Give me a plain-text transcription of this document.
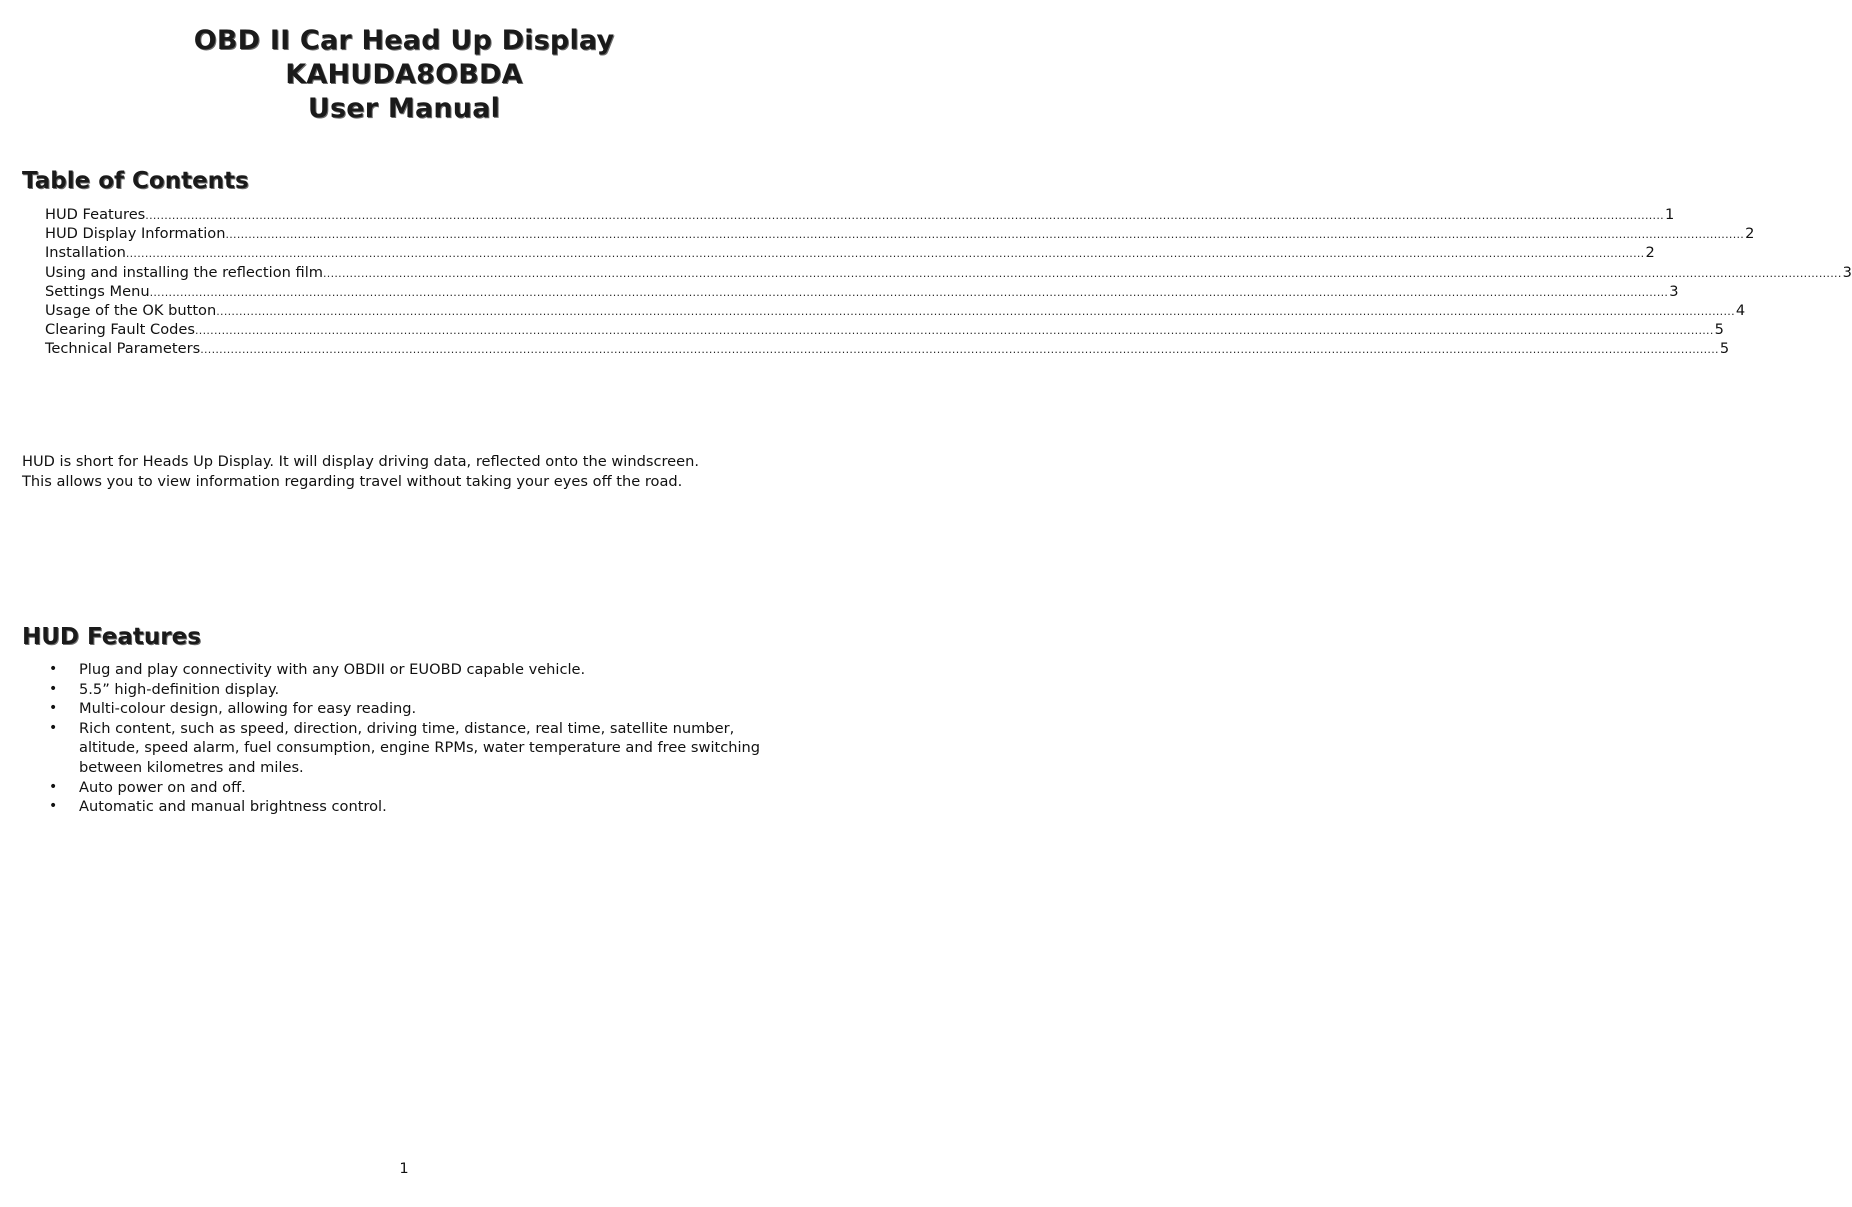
OBD II Car Head Up Display
KAHUDA8OBDA
User Manual
Table of Contents
HUD Features ................................................................................................................................................................................................................................................................................................................................................................................................................ 1
HUD Display Information ................................................................................................................................................................................................................................................................................................................................................................................................................ 2
Installation ................................................................................................................................................................................................................................................................................................................................................................................................................ 2
Using and installing the reflection film ................................................................................................................................................................................................................................................................................................................................................................................................................ 3
Settings Menu ................................................................................................................................................................................................................................................................................................................................................................................................................ 3
Usage of the OK button ................................................................................................................................................................................................................................................................................................................................................................................................................ 4
Clearing Fault Codes ................................................................................................................................................................................................................................................................................................................................................................................................................ 5
Technical Parameters ................................................................................................................................................................................................................................................................................................................................................................................................................ 5

HUD is short for Heads Up Display. It will display driving data, reflected onto the windscreen.
This allows you to view information regarding travel without taking your eyes off the road.

HUD Features
• Plug and play connectivity with any OBDII or EUOBD capable vehicle.
• 5.5” high-definition display.
• Multi-colour design, allowing for easy reading.
• Rich content, such as speed, direction, driving time, distance, real time, satellite number, altitude, speed alarm, fuel consumption, engine RPMs, water temperature and free switching between kilometres and miles.
• Auto power on and off.
• Automatic and manual brightness control.
1
